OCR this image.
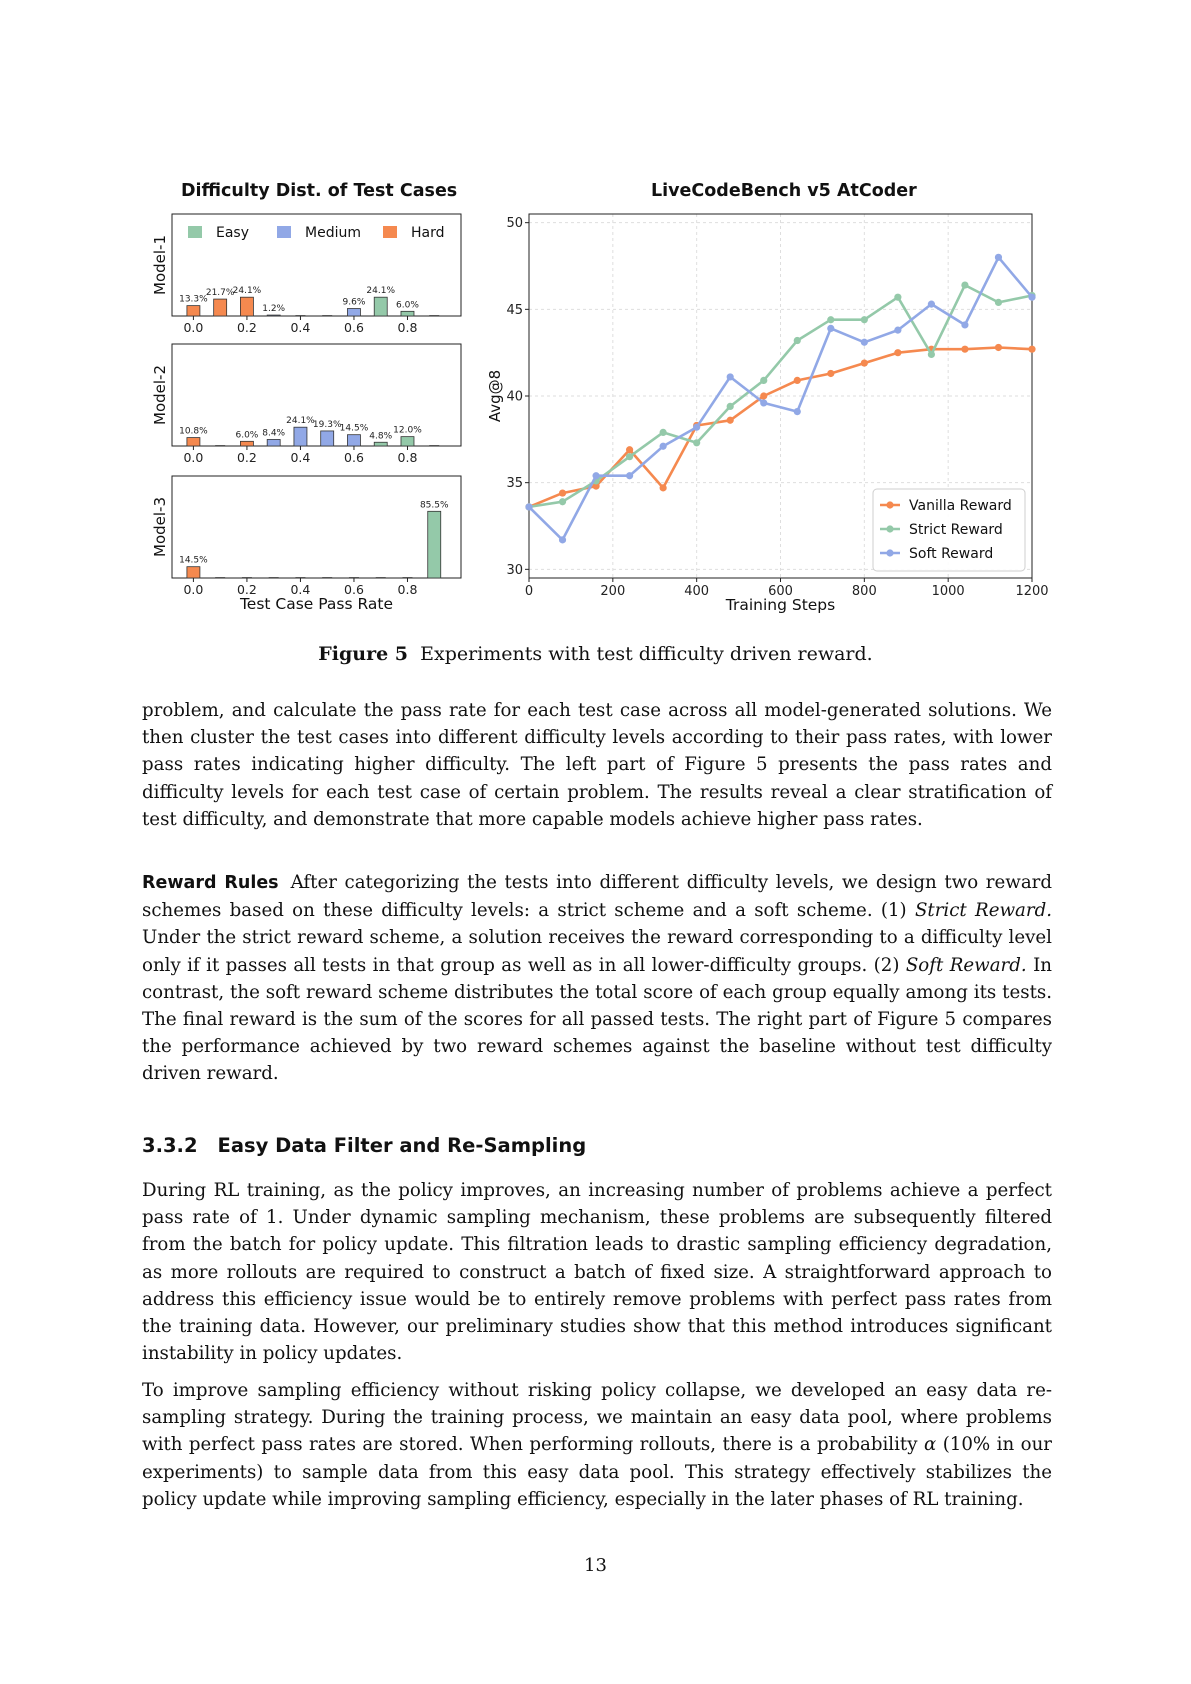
Difficulty Dist. of Test Cases	LiveCodeBench v5 AtCoder
13.3%
21.7%
24.1%
1.2%
9.6%
24.1%
6.0%
0.0	0.2	0.4	0.6	0.8
Model-1
10.8%	6.0% 8.4%
24.1%
19.3%
14.5%
4.8%
12.0%
0.0	0.2	0.4	0.6	0.8
Model-2
14.5%
85.5%
0.0	0.2	0.4	0.6	0.8
Model-3
Easy	Medium	Hard
Test Case Pass Rate
0	200	400	600	800	1000	1200
30
35
40
45
50
Avg@8
Training Steps
Vanilla Reward
Strict Reward
Soft Reward
Figure 5 Experiments with test difficulty driven reward.

problem, and calculate the pass rate for each test case across all model-generated solutions. We then cluster the test cases into different difficulty levels according to their pass rates, with lower pass rates indicating higher difficulty. The left part of Figure 5 presents the pass rates and difficulty levels for each test case of certain problem. The results reveal a clear stratification of test difficulty, and demonstrate that more capable models achieve higher pass rates.

Reward Rules After categorizing the tests into different difficulty levels, we design two reward schemes based on these difficulty levels: a strict scheme and a soft scheme. (1) Strict Reward. Under the strict reward scheme, a solution receives the reward corresponding to a difficulty level only if it passes all tests in that group as well as in all lower-difficulty groups. (2) Soft Reward. In contrast, the soft reward scheme distributes the total score of each group equally among its tests. The final reward is the sum of the scores for all passed tests. The right part of Figure 5 compares the performance achieved by two reward schemes against the baseline without test difficulty driven reward.

3.3.2 Easy Data Filter and Re-Sampling

During RL training, as the policy improves, an increasing number of problems achieve a perfect pass rate of 1. Under dynamic sampling mechanism, these problems are subsequently filtered from the batch for policy update. This filtration leads to drastic sampling efficiency degradation, as more rollouts are required to construct a batch of fixed size. A straightforward approach to address this efficiency issue would be to entirely remove problems with perfect pass rates from the training data. However, our preliminary studies show that this method introduces significant instability in policy updates.

To improve sampling efficiency without risking policy collapse, we developed an easy data re-sampling strategy. During the training process, we maintain an easy data pool, where problems with perfect pass rates are stored. When performing rollouts, there is a probability α (10% in our experiments) to sample data from this easy data pool. This strategy effectively stabilizes the policy update while improving sampling efficiency, especially in the later phases of RL training.

13
